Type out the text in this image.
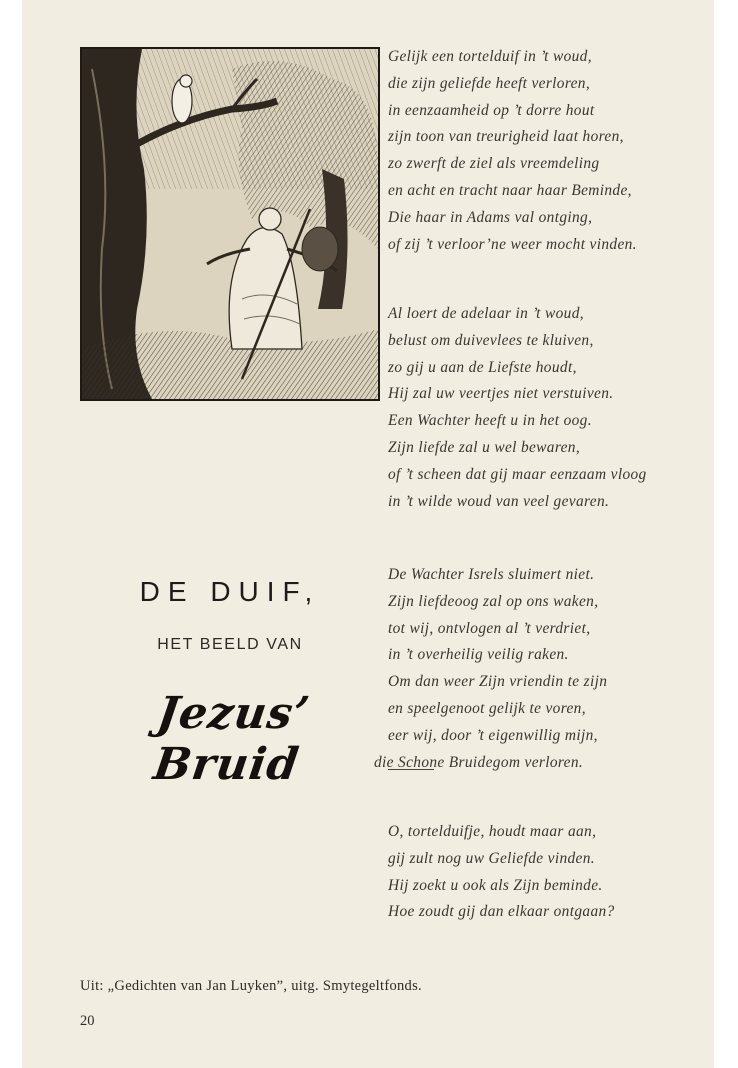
Gelijk een tortelduif in ’t woud,
die zijn geliefde heeft verloren,
in eenzaamheid op ’t dorre hout
zijn toon van treurigheid laat horen,
zo zwerft de ziel als vreemdeling
en acht en tracht naar haar Beminde,
Die haar in Adams val ontging,
of zij ’t verloor’ne weer mocht vinden.
Al loert de adelaar in ’t woud,
belust om duivevlees te kluiven,
zo gij u aan de Liefste houdt,
Hij zal uw veertjes niet verstuiven.
Een Wachter heeft u in het oog.
Zijn liefde zal u wel bewaren,
of ’t scheen dat gij maar eenzaam vloog
in ’t wilde woud van veel gevaren.
De Wachter Isrels sluimert niet.
Zijn liefdeoog zal op ons waken,
tot wij, ontvlogen al ’t verdriet,
in ’t overheilig veilig raken.
Om dan weer Zijn vriendin te zijn
en speelgenoot gelijk te voren,
eer wij, door ’t eigenwillig mijn,
die Schone Bruidegom verloren.
O, tortelduifje, houdt maar aan,
gij zult nog uw Geliefde vinden.
Hij zoekt u ook als Zijn beminde.
Hoe zoudt gij dan elkaar ontgaan?
DE DUIF,
HET BEELD VAN
Jezus’ Bruid
Uit: „Gedichten van Jan Luyken”, uitg. Smytegeltfonds.
20
